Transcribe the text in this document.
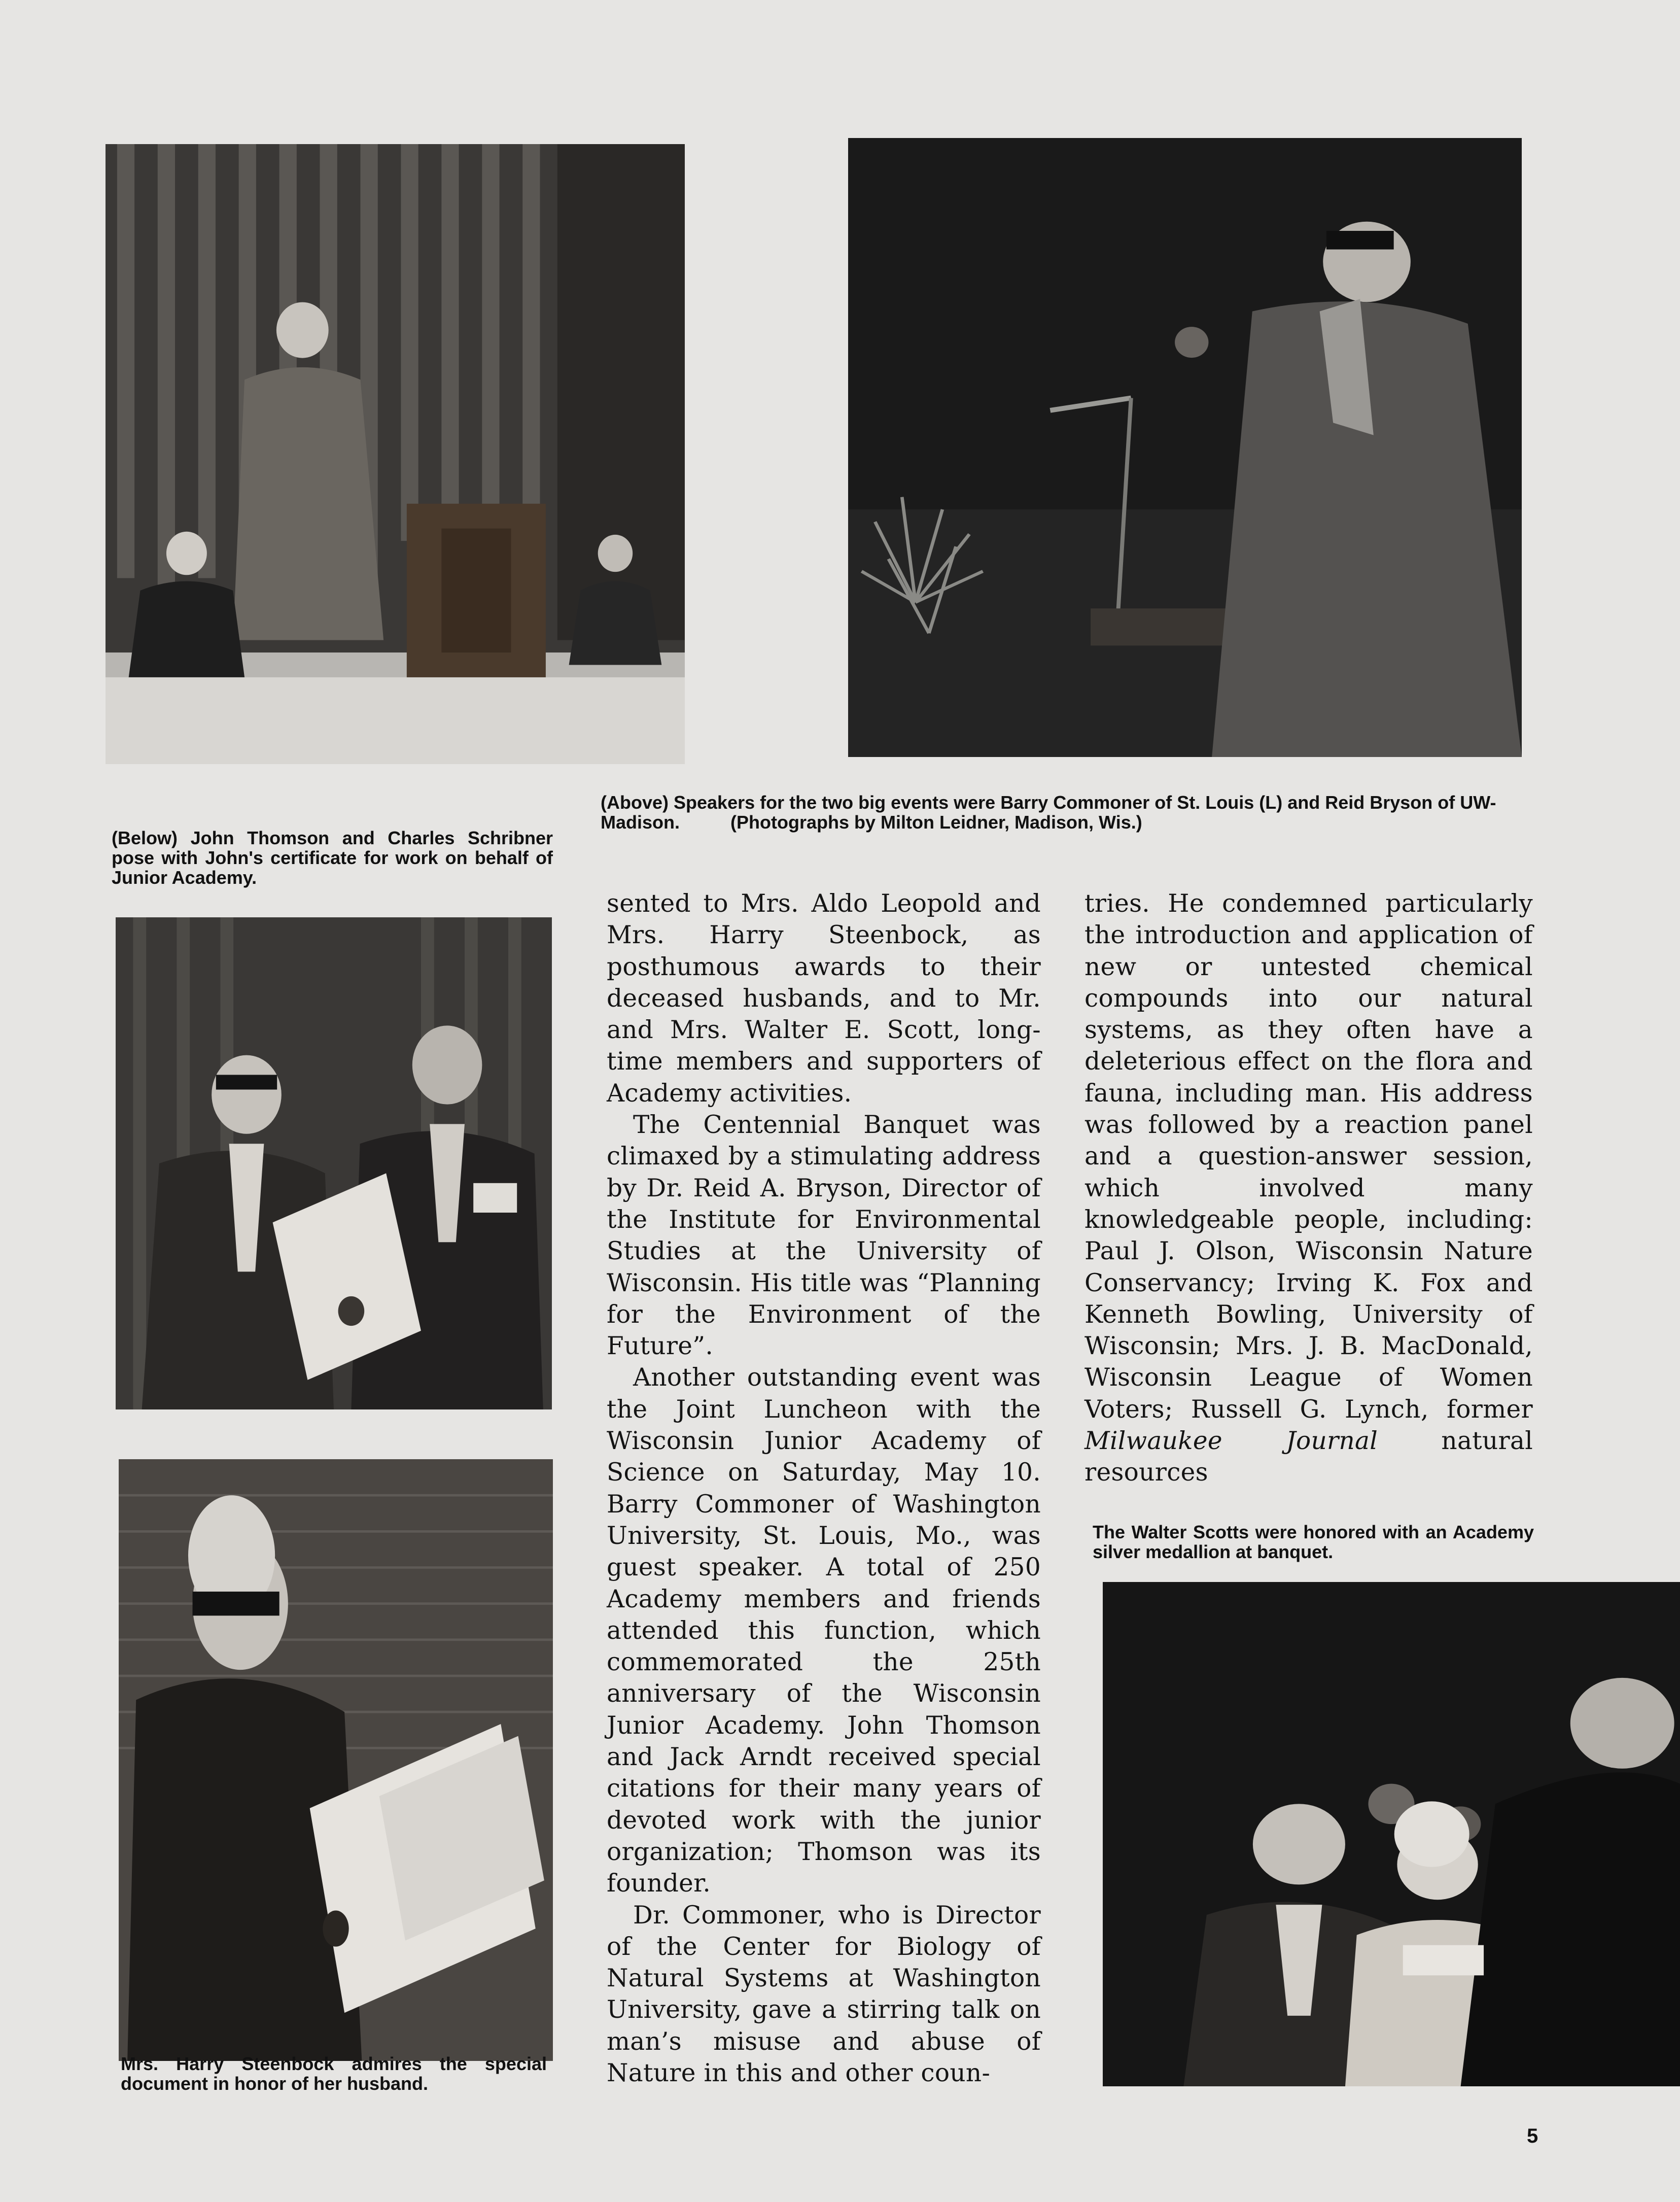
(Above) Speakers for the two big events were Barry Commoner of St. Louis (L) and Reid Bryson of UW-Madison.          (Photographs by Milton Leidner, Madison, Wis.)
(Below) John Thomson and Charles Schribner pose with John's certificate for work on behalf of Junior Academy.
Mrs. Harry Steenbock admires the special document in honor of her husband.

sented to Mrs. Aldo Leopold and Mrs. Harry Steenbock, as posthumous awards to their deceased husbands, and to Mr. and Mrs. Walter E. Scott, long-time members and supporters of Academy activities.

The Centennial Banquet was climaxed by a stimulating address by Dr. Reid A. Bryson, Director of the Institute for Environmental Studies at the University of Wisconsin. His title was “Planning for the Environment of the Future”.

Another outstanding event was the Joint Luncheon with the Wisconsin Junior Academy of Science on Saturday, May 10. Barry Commoner of Washington University, St. Louis, Mo., was guest speaker. A total of 250 Academy members and friends attended this function, which commemorated the 25th anniversary of the Wisconsin Junior Academy. John Thomson and Jack Arndt received special citations for their many years of devoted work with the junior organization; Thomson was its founder.

Dr. Commoner, who is Director of the Center for Biology of Natural Systems at Washington University, gave a stirring talk on man’s misuse and abuse of Nature in this and other coun-

tries. He condemned particularly the introduction and application of new or untested chemical compounds into our natural systems, as they often have a deleterious effect on the flora and fauna, including man. His address was followed by a reaction panel and a question-answer session, which involved many knowledgeable people, including: Paul J. Olson, Wisconsin Nature Conservancy; Irving K. Fox and Kenneth Bowling, University of Wisconsin; Mrs. J. B. MacDonald, Wisconsin League of Women Voters; Russell G. Lynch, former Milwaukee Journal	natural resources

The Walter Scotts were honored with an Academy silver medallion at banquet.
5
